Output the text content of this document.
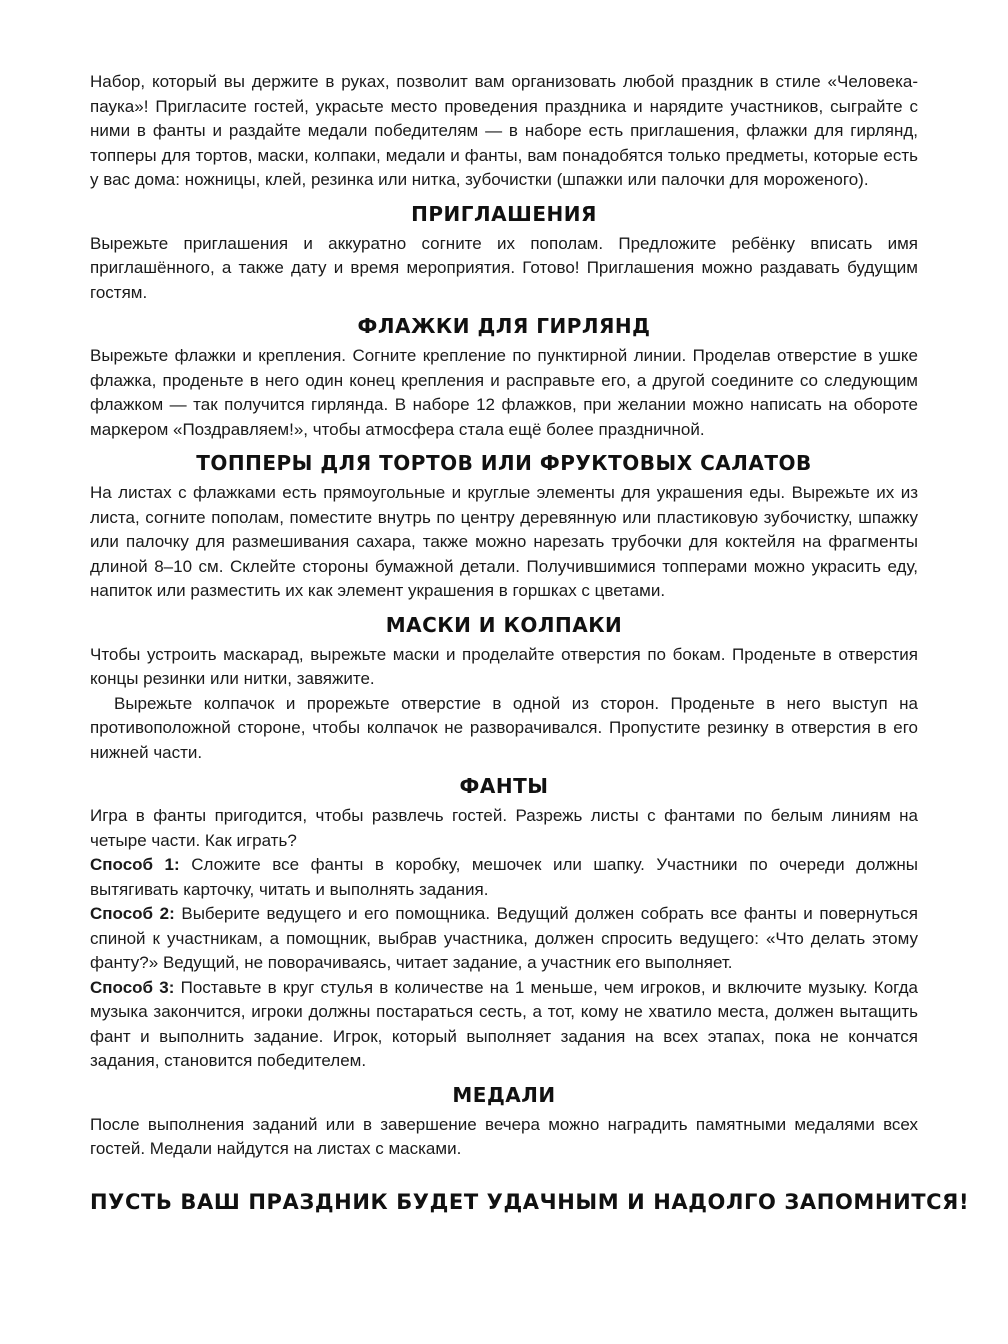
Набор, который вы держите в руках, позволит вам организовать любой праздник в стиле «Человека-паука»! Пригласите гостей, украсьте место проведения праздника и нарядите участников, сыграйте с ними в фанты и раздайте медали победителям — в наборе есть приглашения, флажки для гирлянд, топперы для тортов, маски, колпаки, медали и фанты, вам понадобятся только предметы, которые есть у вас дома: ножницы, клей, резинка или нитка, зубочистки (шпажки или палочки для мороженого).

ПРИГЛАШЕНИЯ

Вырежьте приглашения и аккуратно согните их пополам. Предложите ребёнку вписать имя приглашённого, а также дату и время мероприятия. Готово! Приглашения можно раздавать будущим гостям.

ФЛАЖКИ ДЛЯ ГИРЛЯНД

Вырежьте флажки и крепления. Согните крепление по пунктирной линии. Проделав отверстие в ушке флажка, проденьте в него один конец крепления и расправьте его, а другой соедините со следующим флажком — так получится гирлянда. В наборе 12 флажков, при желании можно написать на обороте маркером «Поздравляем!», чтобы атмосфера стала ещё более праздничной.

ТОППЕРЫ ДЛЯ ТОРТОВ ИЛИ ФРУКТОВЫХ САЛАТОВ

На листах с флажками есть прямоугольные и круглые элементы для украшения еды. Вырежьте их из листа, согните пополам, поместите внутрь по центру деревянную или пластиковую зубочистку, шпажку или палочку для размешивания сахара, также можно нарезать трубочки для коктейля на фрагменты длиной 8–10 см. Склейте стороны бумажной детали. Получившимися топперами можно украсить еду, напиток или разместить их как элемент украшения в горшках с цветами.

МАСКИ И КОЛПАКИ

Чтобы устроить маскарад, вырежьте маски и проделайте отверстия по бокам. Проденьте в отверстия концы резинки или нитки, завяжите.

Вырежьте колпачок и прорежьте отверстие в одной из сторон. Проденьте в него выступ на противоположной стороне, чтобы колпачок не разворачивался. Пропустите резинку в отверстия в его нижней части.

ФАНТЫ

Игра в фанты пригодится, чтобы развлечь гостей. Разрежь листы с фантами по белым линиям на четыре части. Как играть?

Способ 1: Сложите все фанты в коробку, мешочек или шапку. Участники по очереди должны вытягивать карточку, читать и выполнять задания.

Способ 2: Выберите ведущего и его помощника. Ведущий должен собрать все фанты и повернуться спиной к участникам, а помощник, выбрав участника, должен спросить ведущего: «Что делать этому фанту?» Ведущий, не поворачиваясь, читает задание, а участник его выполняет.

Способ 3: Поставьте в круг стулья в количестве на 1 меньше, чем игроков, и включите музыку. Когда музыка закончится, игроки должны постараться сесть, а тот, кому не хватило места, должен вытащить фант и выполнить задание. Игрок, который выполняет задания на всех этапах, пока не кончатся задания, становится победителем.

МЕДАЛИ

После выполнения заданий или в завершение вечера можно наградить памятными медалями всех гостей. Медали найдутся на листах с масками.

ПУСТЬ ВАШ ПРАЗДНИК БУДЕТ УДАЧНЫМ И НАДОЛГО ЗАПОМНИТСЯ!
